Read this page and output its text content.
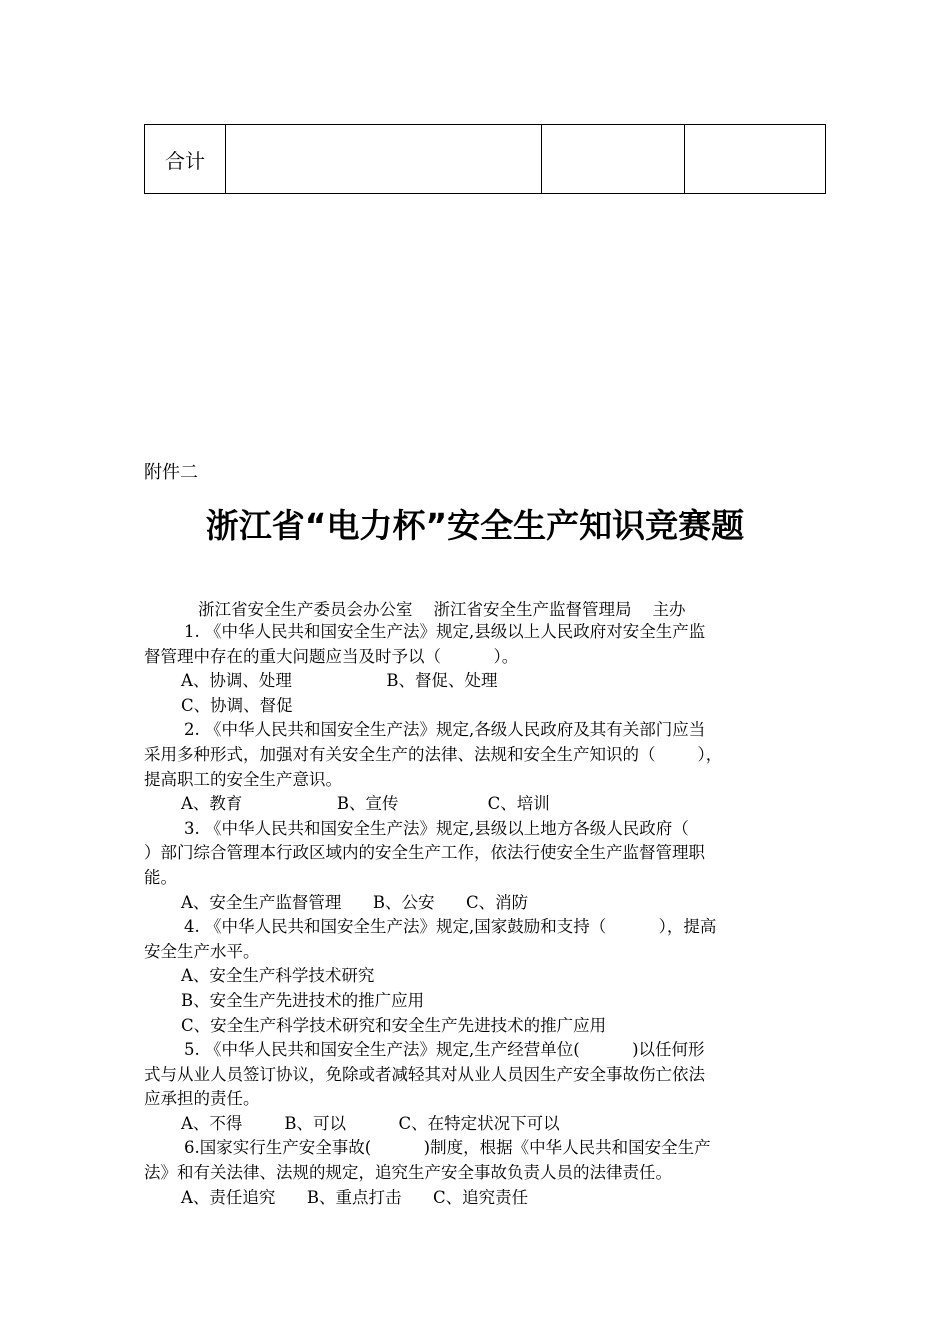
合计			
附件二
浙江省“电力杯”安全生产知识竞赛题
浙江省安全生产委员会办公室    浙江省安全生产监督管理局    主办
1. 《中华人民共和国安全生产法》规定,县级以上人民政府对安全生产监
督管理中存在的重大问题应当及时予以（          ）。
A、协调、处理                  B、督促、处理
C、协调、督促
2. 《中华人民共和国安全生产法》规定,各级人民政府及其有关部门应当
采用多种形式，加强对有关安全生产的法律、法规和安全生产知识的（        ），
提高职工的安全生产意识。
A、教育                  B、宣传                 C、培训
3. 《中华人民共和国安全生产法》规定,县级以上地方各级人民政府（
）部门综合管理本行政区域内的安全生产工作，依法行使安全生产监督管理职
能。
A、安全生产监督管理      B、公安      C、消防
4. 《中华人民共和国安全生产法》规定,国家鼓励和支持（          ），提高
安全生产水平。
A、安全生产科学技术研究
B、安全生产先进技术的推广应用
C、安全生产科学技术研究和安全生产先进技术的推广应用
5. 《中华人民共和国安全生产法》规定,生产经营单位(          )以任何形
式与从业人员签订协议，免除或者减轻其对从业人员因生产安全事故伤亡依法
应承担的责任。
A、不得        B、可以          C、在特定状况下可以
6.国家实行生产安全事故(          )制度，根据《中华人民共和国安全生产
法》和有关法律、法规的规定，追究生产安全事故负责人员的法律责任。
A、责任追究      B、重点打击      C、追究责任
